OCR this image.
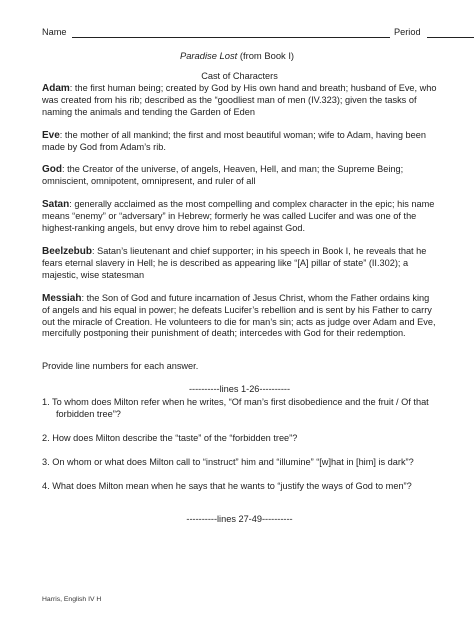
Name	Period
Paradise Lost (from Book I)

Cast of Characters

Adam: the first human being; created by God by His own hand and breath; husband of Eve, who was created from his rib; described as the “goodliest man of men (IV.323); given the tasks of naming the animals and tending the Garden of Eden

Eve: the mother of all mankind; the first and most beautiful woman; wife to Adam, having been made by God from Adam’s rib.

God: the Creator of the universe, of angels, Heaven, Hell, and man; the Supreme Being; omniscient, omnipotent, omnipresent, and ruler of all

Satan: generally acclaimed as the most compelling and complex character in the epic; his name means “enemy” or “adversary” in Hebrew; formerly he was called Lucifer and was one of the highest-ranking angels, but envy drove him to rebel against God.

Beelzebub: Satan’s lieutenant and chief supporter; in his speech in Book I, he reveals that he fears eternal slavery in Hell; he is described as appearing like “[A] pillar of state” (II.302); a majestic, wise statesman

Messiah: the Son of God and future incarnation of Jesus Christ, whom the Father ordains king of angels and his equal in power; he defeats Lucifer’s rebellion and is sent by his Father to carry out the miracle of Creation. He volunteers to die for man’s sin; acts as judge over Adam and Eve, mercifully postponing their punishment of death; intercedes with God for their redemption.

Provide line numbers for each answer.

----------lines 1-26----------

1. To whom does Milton refer when he writes, “Of man’s first disobedience and the fruit / Of that
forbidden tree”?

2. How does Milton describe the “taste” of the “forbidden tree”?

3. On whom or what does Milton call to “instruct” him and “illumine” “[w]hat in [him] is dark”?

4. What does Milton mean when he says that he wants to “justify the ways of God to men”?

----------lines 27-49----------

Harris, English IV H
